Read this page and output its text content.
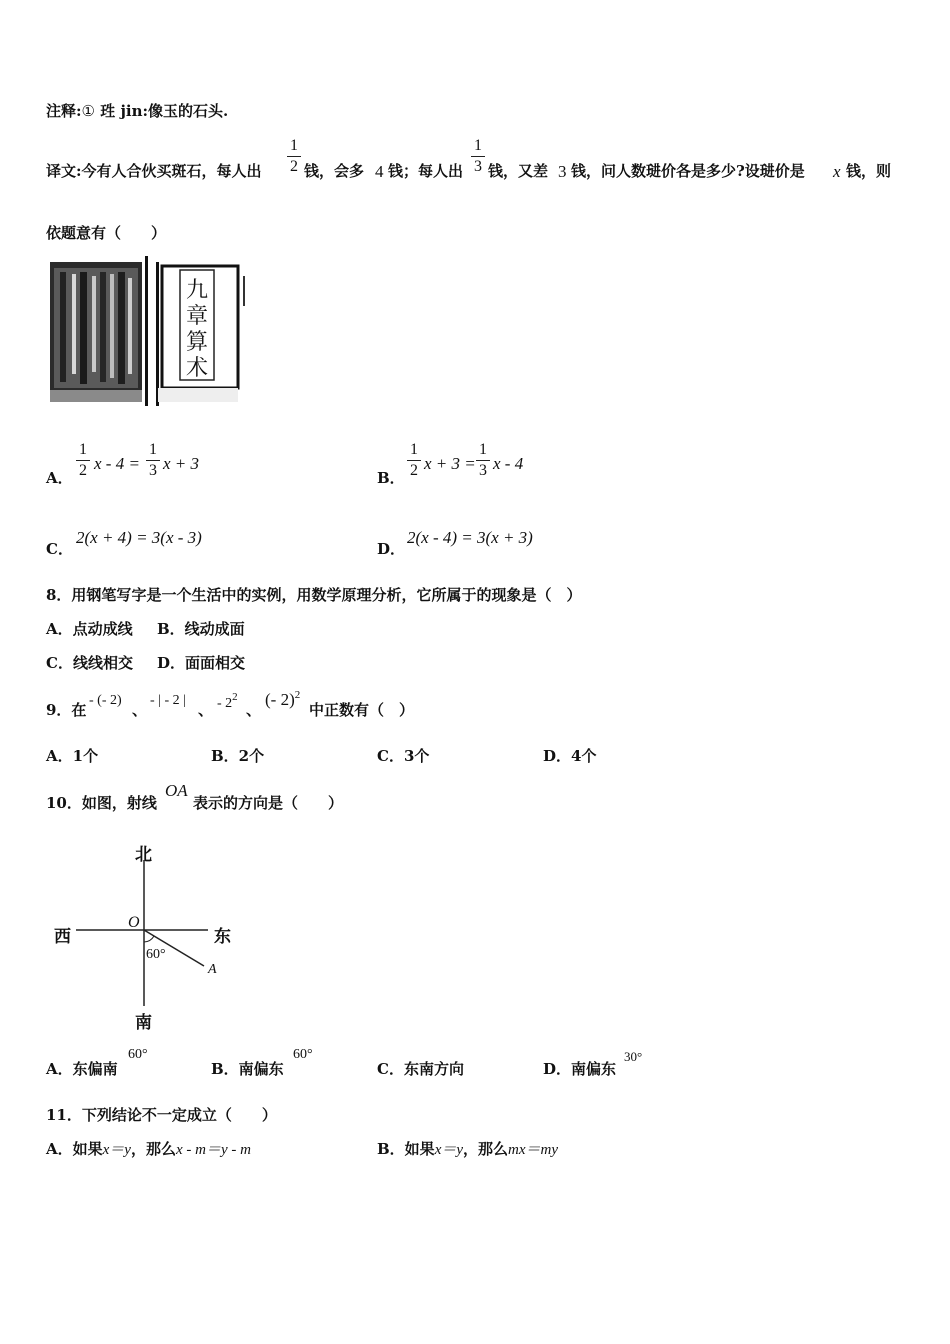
注释:① 珄 jin:像玉的石头.
译文:今有人合伙买斑石，每人出
1
2 钱，会多 4 钱；每人出
1
3 钱，又差 3 钱，问人数琎价各是多少?设琎价是 x 钱，则
依题意有（　　）
九章算术
A．
1
2 x - 4 =
1
3 x + 3
B．
1
2 x + 3 =
1
3 x - 4
C．
2(x + 4) = 3(x - 3)
D．
2(x - 4) = 3(x + 3)
8．用钢笔写字是一个生活中的实例，用数学原理分析，它所属于的现象是（　）
A．点动成线 B．线动成面
C．线线相交 D．面面相交
9．在
- (- 2)
、
- | - 2 |
、 - $2^2$
、
(- 2)$^2$
中正数有（　）
A．1个	B．2个	C．3个	D．4个
10．如图，射线
OA
表示的方向是（　　）
北
南
西	东
O
A
60°
A．东偏南
60°
B．南偏东
60°
C．东南方向	D．南偏东
30°
11．下列结论不一定成立（　　）
A．如果x＝y，那么x - m＝y - m	B．如果x＝y，那么mx＝my
